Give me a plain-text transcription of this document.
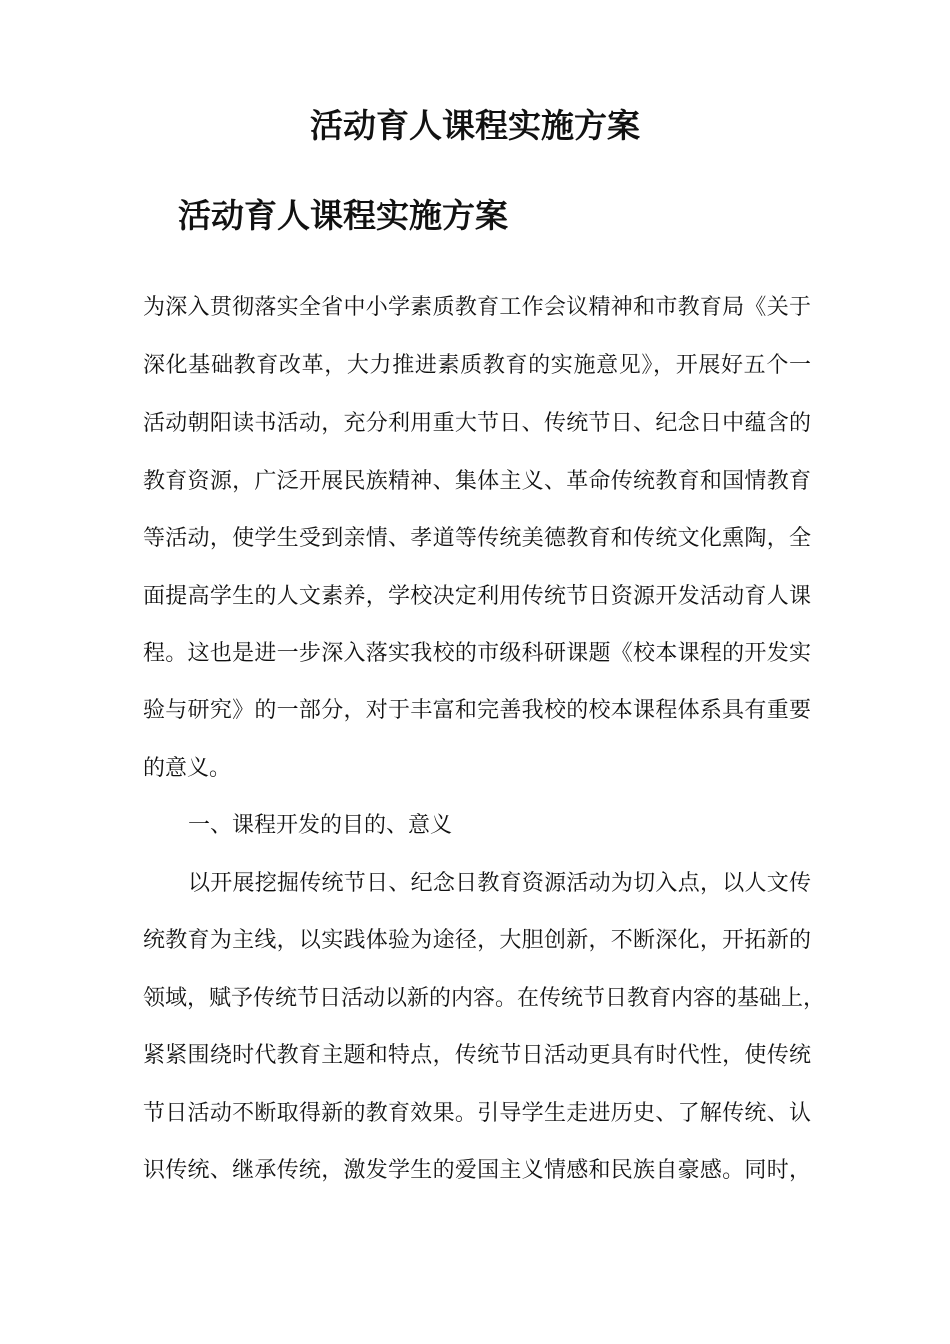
活动育人课程实施方案
活动育人课程实施方案

为深入贯彻落实全省中小学素质教育工作会议精神和市教育局《关于

深化基础教育改革，大力推进素质教育的实施意见》，开展好五个一

活动朝阳读书活动，充分利用重大节日、传统节日、纪念日中蕴含的

教育资源，广泛开展民族精神、集体主义、革命传统教育和国情教育

等活动，使学生受到亲情、孝道等传统美德教育和传统文化熏陶，全

面提高学生的人文素养，学校决定利用传统节日资源开发活动育人课

程。这也是进一步深入落实我校的市级科研课题《校本课程的开发实

验与研究》的一部分，对于丰富和完善我校的校本课程体系具有重要

的意义。

一、课程开发的目的、意义

以开展挖掘传统节日、纪念日教育资源活动为切入点，以人文传

统教育为主线，以实践体验为途径，大胆创新，不断深化，开拓新的

领域，赋予传统节日活动以新的内容。在传统节日教育内容的基础上，

紧紧围绕时代教育主题和特点，传统节日活动更具有时代性，使传统

节日活动不断取得新的教育效果。引导学生走进历史、了解传统、认

识传统、继承传统，激发学生的爱国主义情感和民族自豪感。同时，
